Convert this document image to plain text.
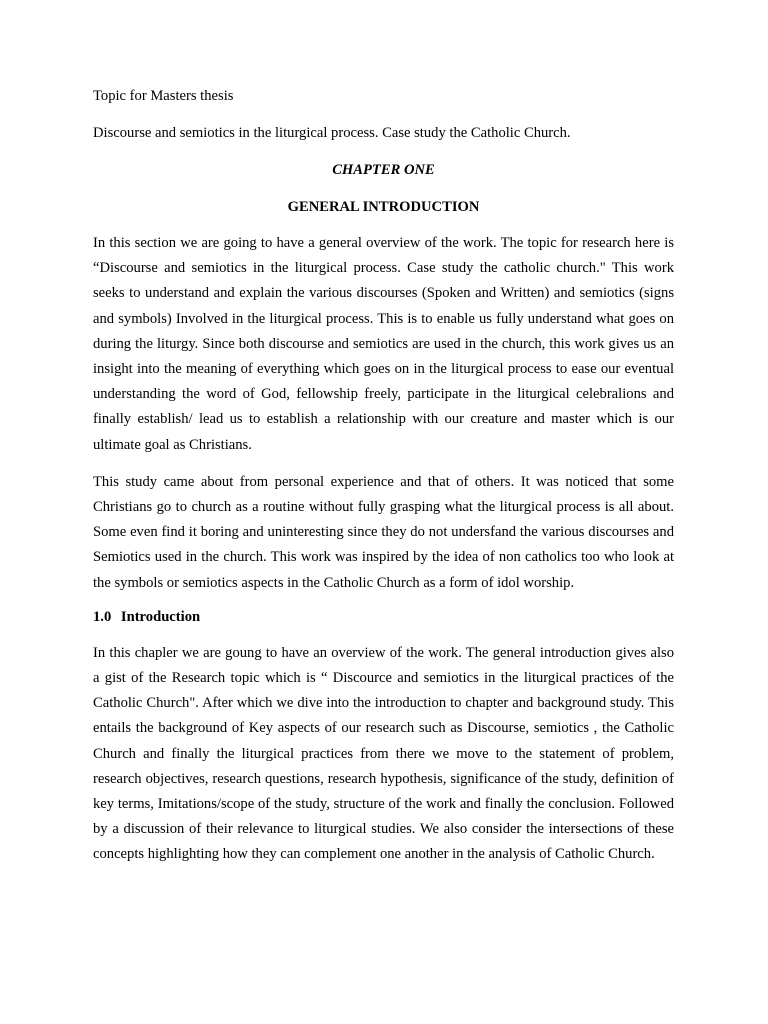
Topic for Masters thesis

Discourse and semiotics in the liturgical process. Case study the Catholic Church.

CHAPTER ONE

GENERAL INTRODUCTION

In this section we are going to have a general overview of the work. The topic for research here is “Discourse and semiotics in the liturgical process. Case study the catholic church." This work seeks to understand and explain the various discourses (Spoken and Written) and semiotics (signs and symbols) Involved in the liturgical process. This is to enable us fully understand what goes on during the liturgy. Since both discourse and semiotics are used in the church, this work gives us an insight into the meaning of everything which goes on in the liturgical process to ease our eventual understanding the word of God, fellowship freely, participate in the liturgical celebralions and finally establish/ lead us to establish a relationship with our creature and master which is our ultimate goal as Christians.

This study came about from personal experience and that of others. It was noticed that some Christians go to church as a routine without fully grasping what the liturgical process is all about. Some even find it boring and uninteresting since they do not undersfand the various discourses and Semiotics used in the church. This work was inspired by the idea of non catholics too who look at the symbols or semiotics aspects in the Catholic Church as a form of idol worship.

1.0 Introduction

In this chapler we are goung to have an overview of the work. The general introduction gives also a gist of the Research topic which is “ Discource and semiotics in the liturgical practices of the Catholic Church". After which we dive into the introduction to chapter and background study. This entails the background of Key aspects of our research such as Discourse, semiotics , the Catholic Church and finally the liturgical practices from there we move to the statement of problem, research objectives, research questions, research hypothesis, significance of the study, definition of key terms, Imitations/scope of the study, structure of the work and finally the conclusion. Followed by a discussion of their relevance to liturgical studies. We also consider the intersections of these concepts highlighting how they can complement one another in the analysis of Catholic Church.
